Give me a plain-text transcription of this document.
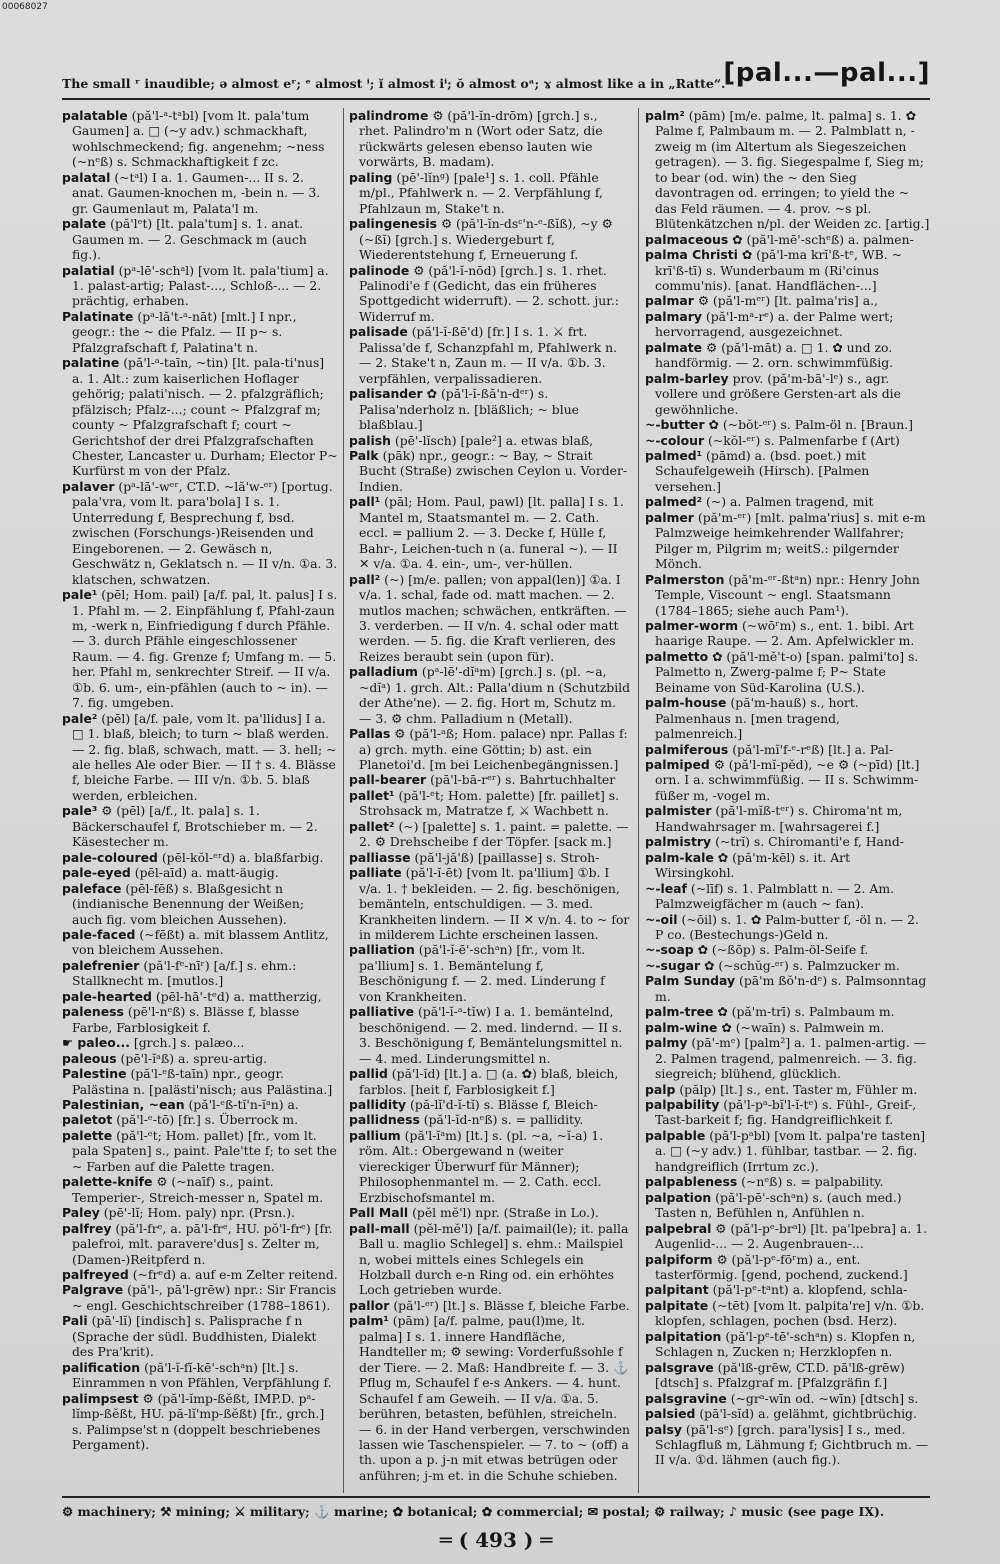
00068027
The small ʳ inaudible; ə almost eʳ; ᵉ almost ⁱ; ĭ almost iⁱ; ŏ almost oᵃ; ɤ almost like a in „Ratte“.
[pal...—pal...]
palatable (pă'l-ᵃ-tᵃbl) [vom lt. pala'tum Gaumen] a. □ (~y adv.) schmackhaft, wohlschmeckend; fig. angenehm; ~ness (~nᵉß) s. Schmackhaftigkeit f zc.
palatal (~tᵃl) I a. 1. Gaumen-... II s. 2. anat. Gaumen-knochen m, -bein n. — 3. gr. Gaumenlaut m, Palata'l m.
palate (pă'lᵉt) [lt. pala'tum] s. 1. anat. Gaumen m. — 2. Geschmack m (auch fig.).
palatial (pᵃ-lē'-schᵃl) [vom lt. pala'tium] a. 1. palast-artig; Palast-..., Schloß-... — 2. prächtig, erhaben.
Palatinate (pᵃ-lă't-ᵃ-nāt) [mlt.] I npr., geogr.: the ~ die Pfalz. — II p~ s. Pfalzgrafschaft f, Palatina't n.
palatine (pă'l-ᵃ-taīn, ~tin) [lt. pala-ti'nus] a. 1. Alt.: zum kaiserlichen Hoflager gehörig; palati'nisch. — 2. pfalzgräflich; pfälzisch; Pfalz-...; count ~ Pfalzgraf m; county ~ Pfalzgrafschaft f; court ~ Gerichtshof der drei Pfalzgrafschaften Chester, Lancaster u. Durham; Elector P~ Kurfürst m von der Pfalz.
palaver (pᵃ-lā'-wᵉʳ, CT.D. ~lă'w-ᵉʳ) [portug. pala'vra, vom lt. para'bola] I s. 1. Unterredung f, Besprechung f, bsd. zwischen (Forschungs-)Reisenden und Eingeborenen. — 2. Gewäsch n, Geschwätz n, Geklatsch n. — II v/n. ①a. 3. klatschen, schwatzen.
pale¹ (pēl; Hom. pail) [a/f. pal, lt. palus] I s. 1. Pfahl m. — 2. Einpfählung f, Pfahl-zaun m, -werk n, Einfriedigung f durch Pfähle. — 3. durch Pfähle eingeschlossener Raum. — 4. fig. Grenze f; Umfang m. — 5. her. Pfahl m, senkrechter Streif. — II v/a. ①b. 6. um-, ein-pfählen (auch to ~ in). — 7. fig. umgeben.
pale² (pēl) [a/f. pale, vom lt. pa'llidus] I a. □ 1. blaß, bleich; to turn ~ blaß werden. — 2. fig. blaß, schwach, matt. — 3. hell; ~ ale helles Ale oder Bier. — II † s. 4. Blässe f, bleiche Farbe. — III v/n. ①b. 5. blaß werden, erbleichen.
pale³ ⚙ (pēl) [a/f., lt. pala] s. 1. Bäckerschaufel f, Brotschieber m. — 2. Käsestecher m.
pale-coloured (pēl-kŏl-ᵉʳd) a. blaßfarbig.
pale-eyed (pēl-aīd) a. matt-äugig.
paleface (pēl-fēß) s. Blaßgesicht n (indianische Benennung der Weißen; auch fig. vom bleichen Aussehen).
pale-faced (~fēßt) a. mit blassem Antlitz, von bleichem Aussehen.
palefrenier (pă'l-fᵉ-nīʳ) [a/f.] s. ehm.: Stallknecht m. [mutlos.]
pale-hearted (pēl-hā'-tᵉd) a. mattherzig,
paleness (pē'l-nᵉß) s. Blässe f, blasse Farbe, Farblosigkeit f.
☛ paleo... [grch.] s. palæo...
paleous (pē'l-ĭᵃß) a. spreu-artig.
Palestine (pă'l-ᵉß-taīn) npr., geogr. Palästina n. [palästi'nisch; aus Palästina.]
Palestinian, ~ean (pă'l-ᵉß-tĭ'n-ĭᵃn) a.
paletot (pă'l-ᵉ-tō) [fr.] s. Überrock m.
palette (pă'l-ᵉt; Hom. pallet) [fr., vom lt. pala Spaten] s., paint. Pale'tte f; to set the ~ Farben auf die Palette tragen.
palette-knife ⚙ (~naīf) s., paint. Temperier-, Streich-messer n, Spatel m.
Paley (pē'-lĭ; Hom. paly) npr. (Prsn.).
palfrey (pă'l-frᵉ, a. pā'l-frᵉ, HU. pŏ'l-frᵉ) [fr. palefroi, mlt. paravere'dus] s. Zelter m, (Damen-)Reitpferd n.
palfreyed (~frᵉd) a. auf e-m Zelter reitend.
Palgrave (pă'l-, pā'l-grēw) npr.: Sir Francis ~ engl. Geschichtschreiber (1788–1861).
Pali (pā'-lĭ) [indisch] s. Palisprache f n (Sprache der südl. Buddhisten, Dialekt des Pra'krit).
palification (pă'l-ĭ-fĭ-kē'-schᵃn) [lt.] s. Einrammen n von Pfählen, Verpfählung f.
palimpsest ⚙ (pă'l-ĭmp-ßĕßt, IMP.D. pᵃ-lĭmp-ßĕßt, HU. pă-lĭ'mp-ßĕßt) [fr., grch.] s. Palimpse'st n (doppelt beschriebenes Pergament).
palindrome ⚙ (pă'l-ĭn-drōm) [grch.] s., rhet. Palindro'm n (Wort oder Satz, die rückwärts gelesen ebenso lauten wie vorwärts, B. madam).
paling (pē'-lĭnᵍ) [pale¹] s. 1. coll. Pfähle m/pl., Pfahlwerk n. — 2. Verpfählung f, Pfahlzaun m, Stake't n.
palingenesis ⚙ (pă'l-ĭn-dsᶜ'n-ᵉ-ßĭß), ~y ⚙ (~ßĭ) [grch.] s. Wiedergeburt f, Wiederentstehung f, Erneuerung f.
palinode ⚙ (pă'l-ĭ-nōd) [grch.] s. 1. rhet. Palinodi'e f (Gedicht, das ein früheres Spottgedicht widerruft). — 2. schott. jur.: Widerruf m.
palisade (pă'l-ĭ-ßē'd) [fr.] I s. 1. ⚔ frt. Palissa'de f, Schanzpfahl m, Pfahlwerk n. — 2. Stake't n, Zaun m. — II v/a. ①b. 3. verpfählen, verpalissadieren.
palisander ✿ (pă'l-ĭ-ßă'n-dᵉʳ) s. Palisa'nderholz n. [bläßlich; ~ blue blaßblau.]
palish (pē'-lĭsch) [pale²] a. etwas blaß,
Palk (pāk) npr., geogr.: ~ Bay, ~ Strait Bucht (Straße) zwischen Ceylon u. Vorder-Indien.
pall¹ (pāl; Hom. Paul, pawl) [lt. palla] I s. 1. Mantel m, Staatsmantel m. — 2. Cath. eccl. = pallium 2. — 3. Decke f, Hülle f, Bahr-, Leichen-tuch n (a. funeral ~). — II ✕ v/a. ①a. 4. ein-, um-, ver-hüllen.
pall² (~) [m/e. pallen; von appal(len)] ①a. I v/a. 1. schal, fade od. matt machen. — 2. mutlos machen; schwächen, entkräften. — 3. verderben. — II v/n. 4. schal oder matt werden. — 5. fig. die Kraft verlieren, des Reizes beraubt sein (upon für).
palladium (pᵃ-lē'-dĭᵃm) [grch.] s. (pl. ~a, ~dĭᵃ) 1. grch. Alt.: Palla'dium n (Schutzbild der Athe'ne). — 2. fig. Hort m, Schutz m. — 3. ⚙ chm. Palladium n (Metall).
Pallas ⚙ (pă'l-ᵃß; Hom. palace) npr. Pallas f: a) grch. myth. eine Göttin; b) ast. ein Planetoi'd. [m bei Leichenbegängnissen.]
pall-bearer (pā'l-bā-rᵉʳ) s. Bahrtuchhalter
pallet¹ (pă'l-ᵉt; Hom. palette) [fr. paillet] s. Strohsack m, Matratze f, ⚔ Wachbett n.
pallet² (~) [palette] s. 1. paint. = palette. — 2. ⚙ Drehscheibe f der Töpfer. [sack m.]
palliasse (pă'l-jă'ß) [paillasse] s. Stroh-
palliate (pă'l-ĭ-ēt) [vom lt. pa'llium] ①b. I v/a. 1. † bekleiden. — 2. fig. beschönigen, bemänteln, entschuldigen. — 3. med. Krankheiten lindern. — II ✕ v/n. 4. to ~ for in milderem Lichte erscheinen lassen.
palliation (pă'l-ĭ-ē'-schᵃn) [fr., vom lt. pa'llium] s. 1. Bemäntelung f, Beschönigung f. — 2. med. Linderung f von Krankheiten.
palliative (pă'l-ĭ-ᵃ-tĭw) I a. 1. bemäntelnd, beschönigend. — 2. med. lindernd. — II s. 3. Beschönigung f, Bemäntelungsmittel n. — 4. med. Linderungsmittel n.
pallid (pă'l-ĭd) [lt.] a. □ (a. ✿) blaß, bleich, farblos. [heit f, Farblosigkeit f.]
pallidity (pă-lĭ'd-ĭ-tĭ) s. Blässe f, Bleich-
pallidness (pă'l-ĭd-nᵉß) s. = pallidity.
pallium (pă'l-ĭᵃm) [lt.] s. (pl. ~a, ~ĭ-a) 1. röm. Alt.: Obergewand n (weiter viereckiger Überwurf für Männer); Philosophenmantel m. — 2. Cath. eccl. Erzbischofsmantel m.
Pall Mall (pĕl mĕ'l) npr. (Straße in Lo.).
pall-mall (pĕl-mĕ'l) [a/f. paimail(le); it. palla Ball u. maglio Schlegel] s. ehm.: Mailspiel n, wobei mittels eines Schlegels ein Holzball durch e-n Ring od. ein erhöhtes Loch getrieben wurde.
pallor (pă'l-ᵉʳ) [lt.] s. Blässe f, bleiche Farbe.
palm¹ (pām) [a/f. palme, pau(l)me, lt. palma] I s. 1. innere Handfläche, Handteller m; ⚙ sewing: Vorderfußsohle f der Tiere. — 2. Maß: Handbreite f. — 3. ⚓ Pflug m, Schaufel f e-s Ankers. — 4. hunt. Schaufel f am Geweih. — II v/a. ①a. 5. berühren, betasten, befühlen, streicheln. — 6. in der Hand verbergen, verschwinden lassen wie Taschenspieler. — 7. to ~ (off) a th. upon a p. j-n mit etwas betrügen oder anführen; j-m et. in die Schuhe schieben.
palm² (pām) [m/e. palme, lt. palma] s. 1. ✿ Palme f, Palmbaum m. — 2. Palmblatt n, -zweig m (im Altertum als Siegeszeichen getragen). — 3. fig. Siegespalme f, Sieg m; to bear (od. win) the ~ den Sieg davontragen od. erringen; to yield the ~ das Feld räumen. — 4. prov. ~s pl. Blütenkätzchen n/pl. der Weiden zc. [artig.]
palmaceous ✿ (pă'l-mē'-schᵉß) a. palmen-
palma Christi ✿ (pă'l-ma krĭ'ß-tᵉ, WB. ~ krī'ß-tī) s. Wunderbaum m (Ri'cinus commu'nis). [anat. Handflächen-...]
palmar ⚙ (pă'l-mᵉʳ) [lt. palma'ris] a.,
palmary (pă'l-mᵃ-rᵉ) a. der Palme wert; hervorragend, ausgezeichnet.
palmate ⚙ (pă'l-māt) a. □ 1. ✿ und zo. handförmig. — 2. orn. schwimmfüßig.
palm-barley prov. (pă'm-bā'-lᵉ) s., agr. vollere und größere Gersten-art als die gewöhnliche.
~-butter ✿ (~bŏt-ᵉʳ) s. Palm-öl n. [Braun.]
~-colour (~kŏl-ᵉʳ) s. Palmenfarbe f (Art)
palmed¹ (pāmd) a. (bsd. poet.) mit Schaufelgeweih (Hirsch). [Palmen versehen.]
palmed² (~) a. Palmen tragend, mit
palmer (pă'm-ᵉʳ) [mlt. palma'rius] s. mit e-m Palmzweige heimkehrender Wallfahrer; Pilger m, Pilgrim m; weitS.: pilgernder Mönch.
Palmerston (pă'm-ᵉʳ-ßtᵃn) npr.: Henry John Temple, Viscount ~ engl. Staatsmann (1784–1865; siehe auch Pam¹).
palmer-worm (~wōʳm) s., ent. 1. bibl. Art haarige Raupe. — 2. Am. Apfelwickler m.
palmetto ✿ (pă'l-mĕ't-o) [span. palmi'to] s. Palmetto n, Zwerg-palme f; P~ State Beiname von Süd-Karolina (U.S.).
palm-house (pă'm-hauß) s., hort. Palmenhaus n. [men tragend, palmenreich.]
palmiferous (pă'l-mĭ'f-ᵉ-rᵉß) [lt.] a. Pal-
palmiped ⚙ (pă'l-mĭ-pĕd), ~e ⚙ (~pīd) [lt.] orn. I a. schwimmfüßig. — II s. Schwimm-füßer m, -vogel m.
palmister (pă'l-mĭß-tᵉʳ) s. Chiroma'nt m, Handwahrsager m. [wahrsagerei f.]
palmistry (~trĭ) s. Chiromanti'e f, Hand-
palm-kale ✿ (pă'm-kēl) s. it. Art Wirsingkohl.
~-leaf (~līf) s. 1. Palmblatt n. — 2. Am. Palmzweigfächer m (auch ~ fan).
~-oil (~ōil) s. 1. ✿ Palm-butter f, -öl n. — 2. P co. (Bestechungs-)Geld n.
~-soap ✿ (~ßōp) s. Palm-öl-Seife f.
~-sugar ✿ (~schŭg-ᵉʳ) s. Palmzucker m.
Palm Sunday (pā'm ßŏ'n-dᵉ) s. Palmsonntag m.
palm-tree ✿ (pă'm-trī) s. Palmbaum m.
palm-wine ✿ (~waīn) s. Palmwein m.
palmy (pā'-mᵉ) [palm²] a. 1. palmen-artig. — 2. Palmen tragend, palmenreich. — 3. fig. siegreich; blühend, glücklich.
palp (pălp) [lt.] s., ent. Taster m, Fühler m.
palpability (pă'l-pᵃ-bĭ'l-ĭ-tᵉ) s. Fühl-, Greif-, Tast-barkeit f; fig. Handgreiflichkeit f.
palpable (pă'l-pᵃbl) [vom lt. palpa're tasten] a. □ (~y adv.) 1. fühlbar, tastbar. — 2. fig. handgreiflich (Irrtum zc.).
palpableness (~nᵉß) s. = palpability.
palpation (pă'l-pē'-schᵃn) s. (auch med.) Tasten n, Befühlen n, Anfühlen n.
palpebral ⚙ (pă'l-pᵉ-brᵃl) [lt. pa'lpebra] a. 1. Augenlid-... — 2. Augenbrauen-...
palpiform ⚙ (pă'l-pᵉ-fōʳm) a., ent. tasterförmig. [gend, pochend, zuckend.]
palpitant (pă'l-pᵉ-tᵃnt) a. klopfend, schla-
palpitate (~tēt) [vom lt. palpita're] v/n. ①b. klopfen, schlagen, pochen (bsd. Herz).
palpitation (pă'l-pᵉ-tē'-schᵃn) s. Klopfen n, Schlagen n, Zucken n; Herzklopfen n.
palsgrave (pă'lß-grēw, CT.D. pā'lß-grēw) [dtsch] s. Pfalzgraf m. [Pfalzgräfin f.]
palsgravine (~grᵃ-wīn od. ~wīn) [dtsch] s.
palsied (pā'l-sĭd) a. gelähmt, gichtbrüchig.
palsy (pā'l-sᵉ) [grch. para'lysis] I s., med. Schlagfluß m, Lähmung f; Gichtbruch m. — II v/a. ①d. lähmen (auch fig.).
⚙ machinery; ⚒ mining; ⚔ military; ⚓ marine; ✿ botanical; ✿ commercial; ✉ postal; ⚙ railway; ♪ music (see page IX).
═ ( 493 ) ═
